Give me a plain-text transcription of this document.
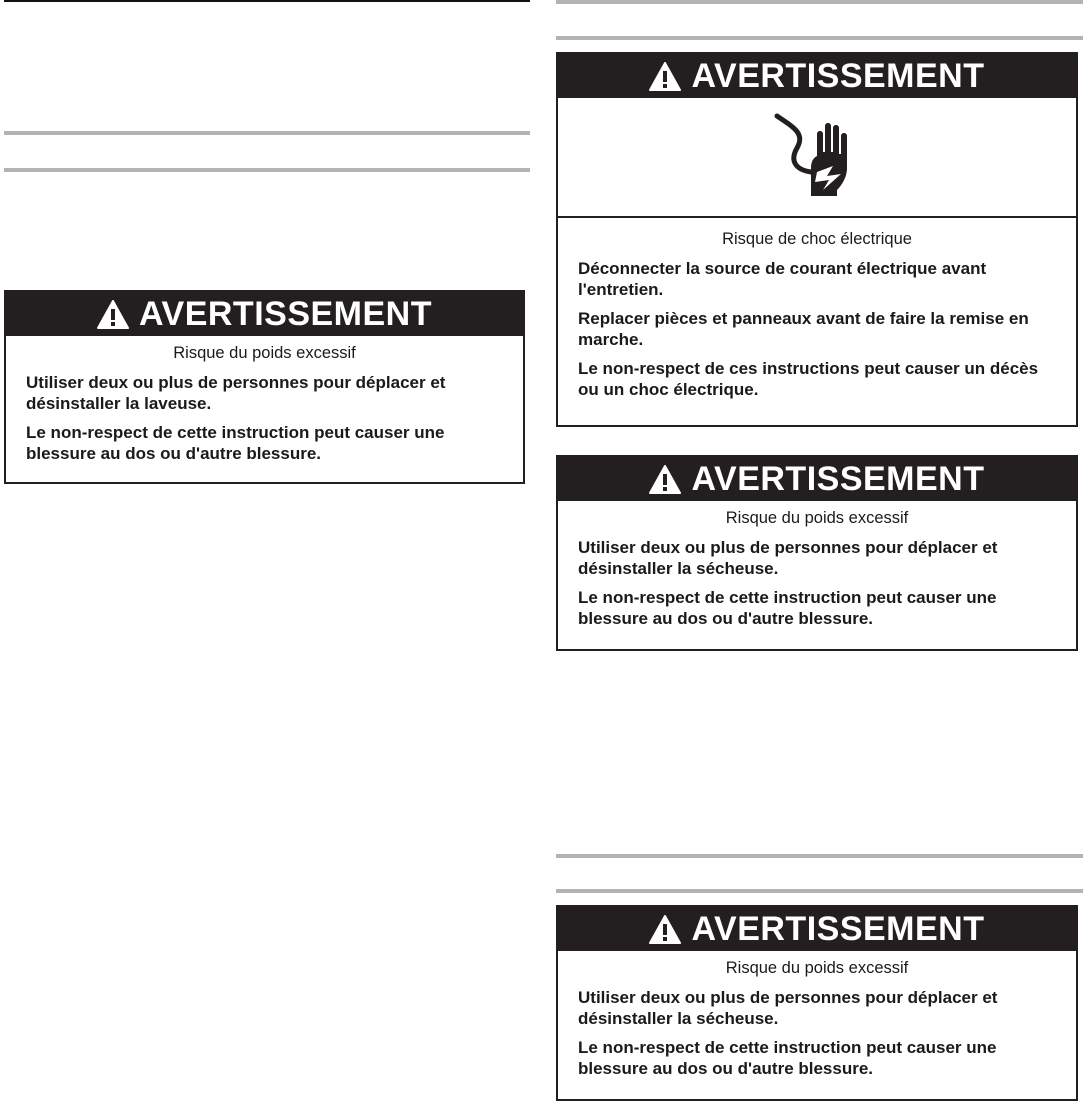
AVERTISSEMENT
Risque du poids excessif

Utiliser deux ou plus de personnes pour déplacer et désinstaller la laveuse.

Le non-respect de cette instruction peut causer une blessure au dos ou d'autre blessure.

AVERTISSEMENT
Risque de choc électrique

Déconnecter la source de courant électrique avant l'entretien.

Replacer pièces et panneaux avant de faire la remise en marche.

Le non-respect de ces instructions peut causer un décès ou un choc électrique.

AVERTISSEMENT
Risque du poids excessif

Utiliser deux ou plus de personnes pour déplacer et désinstaller la sécheuse.

Le non-respect de cette instruction peut causer une blessure au dos ou d'autre blessure.

AVERTISSEMENT
Risque du poids excessif

Utiliser deux ou plus de personnes pour déplacer et désinstaller la sécheuse.

Le non-respect de cette instruction peut causer une blessure au dos ou d'autre blessure.
